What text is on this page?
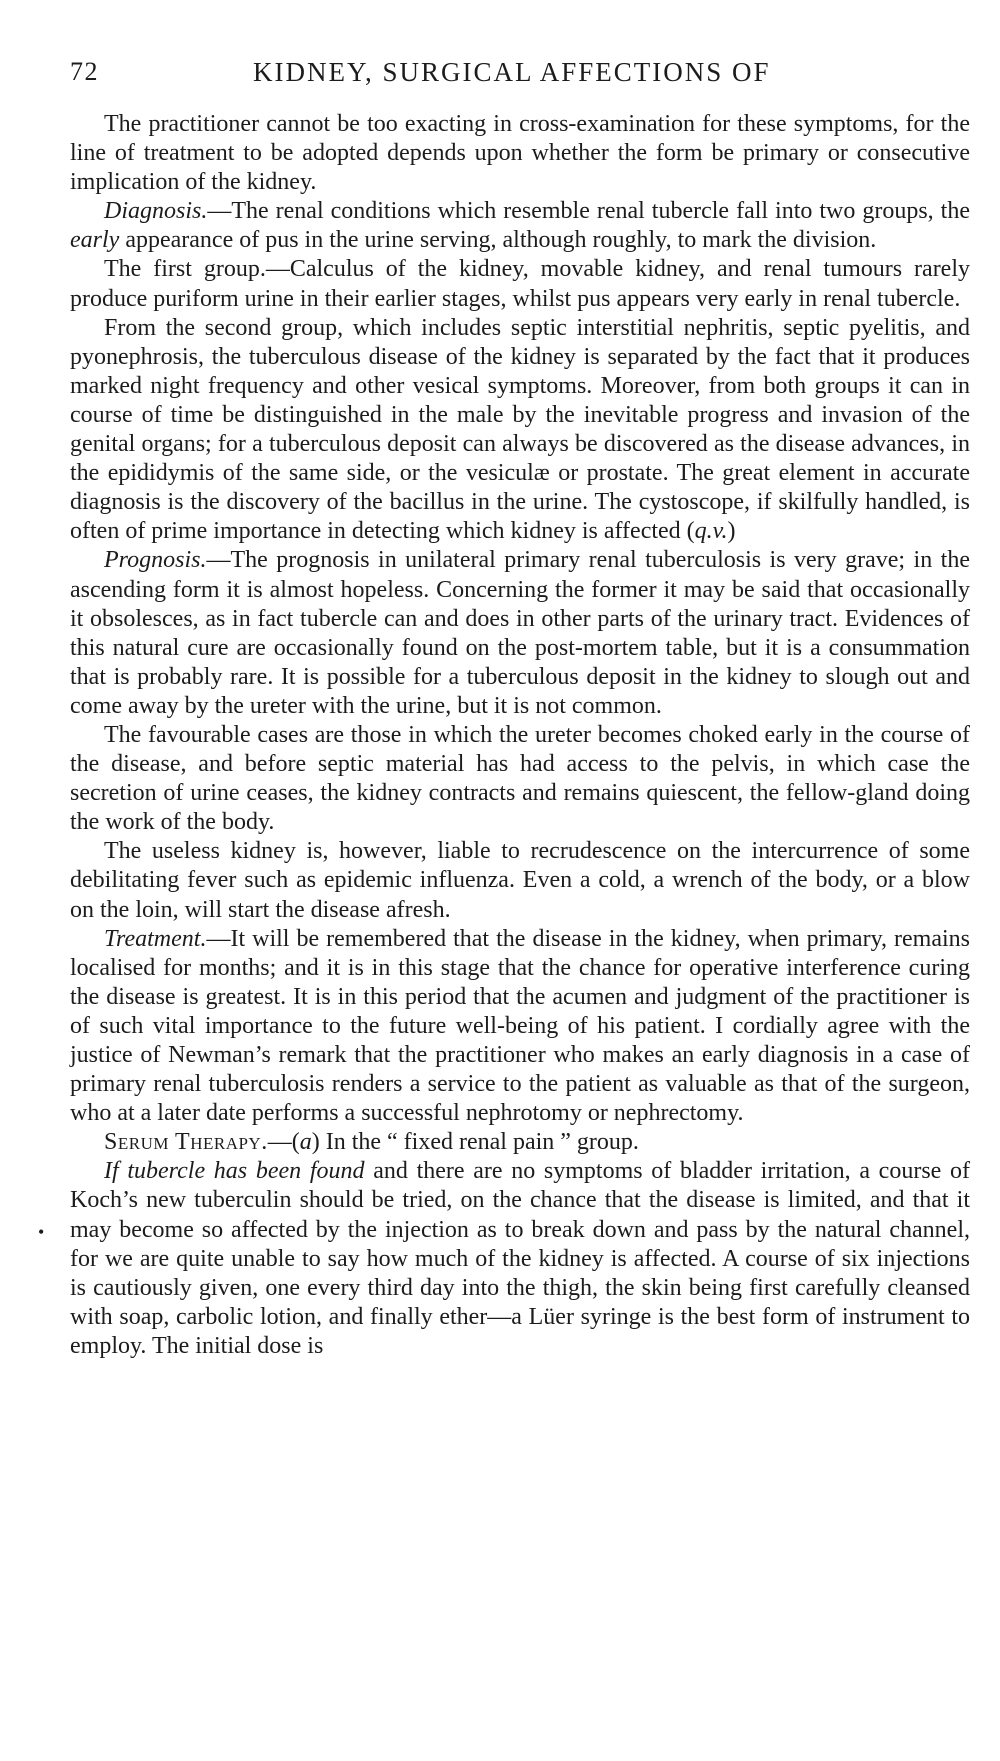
72	KIDNEY, SURGICAL AFFECTIONS OF

The practitioner cannot be too exacting in cross-examination for these symptoms, for the line of treatment to be adopted depends upon whether the form be primary or consecutive implication of the kidney.

Diagnosis.—The renal conditions which resemble renal tubercle fall into two groups, the early appearance of pus in the urine serving, although roughly, to mark the division.

The first group.—Calculus of the kidney, movable kidney, and renal tumours rarely produce puriform urine in their earlier stages, whilst pus appears very early in renal tubercle.

From the second group, which includes septic interstitial nephritis, septic pyelitis, and pyonephrosis, the tuberculous disease of the kidney is separated by the fact that it produces marked night frequency and other vesical symptoms. Moreover, from both groups it can in course of time be distinguished in the male by the inevitable progress and invasion of the genital organs; for a tuberculous deposit can always be discovered as the disease advances, in the epididymis of the same side, or the vesiculæ or prostate. The great element in accurate diagnosis is the discovery of the bacillus in the urine. The cystoscope, if skilfully handled, is often of prime importance in detecting which kidney is affected (q.v.)

Prognosis.—The prognosis in unilateral primary renal tuberculosis is very grave; in the ascending form it is almost hopeless. Concerning the former it may be said that occasionally it obsolesces, as in fact tubercle can and does in other parts of the urinary tract. Evidences of this natural cure are occasionally found on the post-mortem table, but it is a consummation that is probably rare. It is possible for a tuberculous deposit in the kidney to slough out and come away by the ureter with the urine, but it is not common.

The favourable cases are those in which the ureter becomes choked early in the course of the disease, and before septic material has had access to the pelvis, in which case the secretion of urine ceases, the kidney contracts and remains quiescent, the fellow-gland doing the work of the body.

The useless kidney is, however, liable to recrudescence on the intercurrence of some debilitating fever such as epidemic influenza. Even a cold, a wrench of the body, or a blow on the loin, will start the disease afresh.

Treatment.—It will be remembered that the disease in the kidney, when primary, remains localised for months; and it is in this stage that the chance for operative interference curing the disease is greatest. It is in this period that the acumen and judgment of the practitioner is of such vital importance to the future well-being of his patient. I cordially agree with the justice of Newman’s remark that the practitioner who makes an early diagnosis in a case of primary renal tuberculosis renders a service to the patient as valuable as that of the surgeon, who at a later date performs a successful nephrotomy or nephrectomy.

Serum Therapy.—(a) In the “ fixed renal pain ” group.

If tubercle has been found and there are no symptoms of bladder irritation, a course of Koch’s new tuberculin should be tried, on the chance that the disease is limited, and that it may become so affected by the injection as to break down and pass by the natural channel, for we are quite unable to say how much of the kidney is affected. A course of six injections is cautiously given, one every third day into the thigh, the skin being first carefully cleansed with soap, carbolic lotion, and finally ether—a Lüer syringe is the best form of instrument to employ. The initial dose is

•
